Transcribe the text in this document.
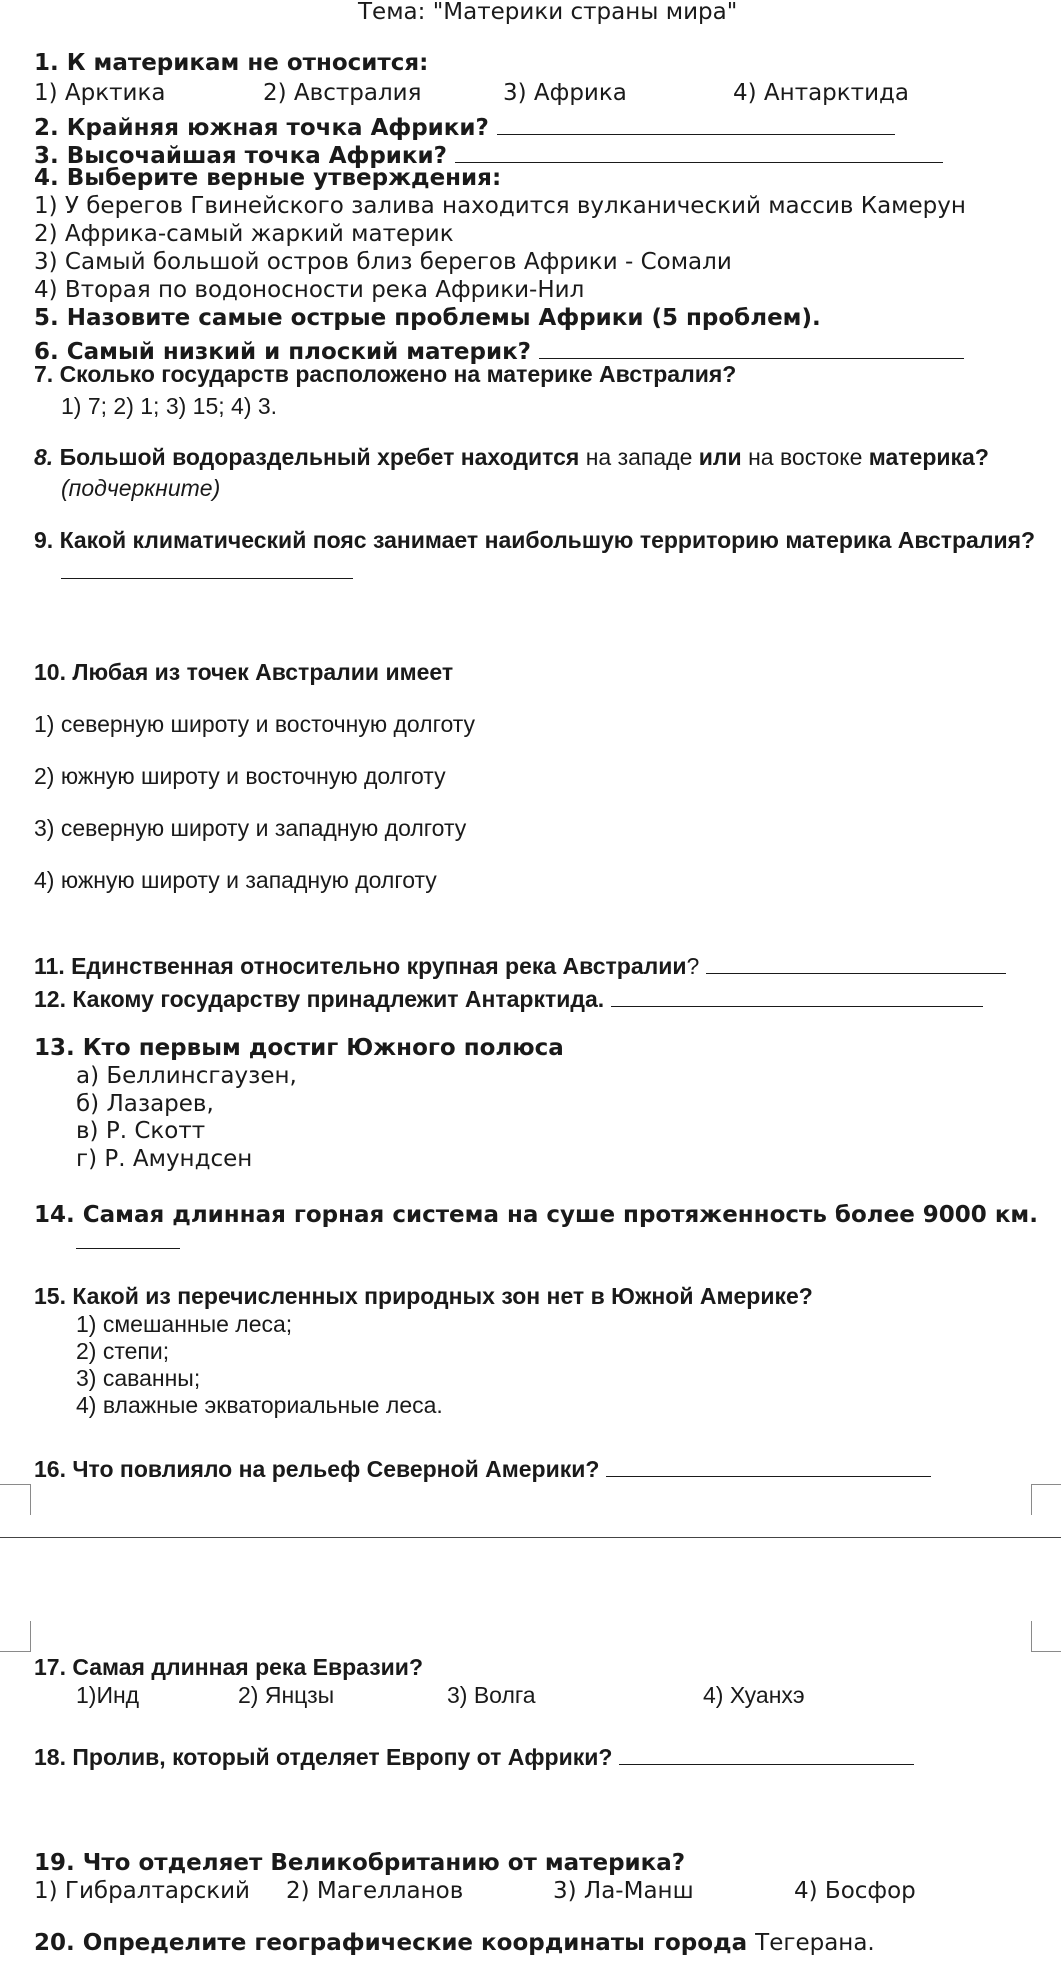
Тема: "Материки страны мира"
1. К материкам не относится:
1) Арктика	2) Австралия	3) Африка	4) Антарктида
2. Крайняя южная точка Африки?
3. Высочайшая точка Африки?
4. Выберите верные утверждения:
1) У берегов Гвинейского залива находится вулканический массив Камерун
2) Африка-самый жаркий материк
3) Самый большой остров близ берегов Африки - Сомали
4) Вторая по водоносности река Африки-Нил
5. Назовите самые острые проблемы Африки (5 проблем).
6. Самый низкий и плоский материк?
7. Сколько государств расположено на материке Австралия?
1) 7; 2) 1; 3) 15; 4) 3.
8. Большой водораздельный хребет находится на западе или на востоке материка?
(подчеркните)
9. Какой климатический пояс занимает наибольшую территорию материка Австралия?
10. Любая из точек Австралии имеет
1) северную широту и восточную долготу
2) южную широту и восточную долготу
3) северную широту и западную долготу
4) южную широту и западную долготу
11. Единственная относительно крупная река Австралии?
12. Какому государству принадлежит Антарктида.
13. Кто первым достиг Южного полюса
а) Беллинсгаузен,
б) Лазарев,
в) Р. Скотт
г) Р. Амундсен
14. Самая длинная горная система на суше протяженность более 9000 км.
15. Какой из перечисленных природных зон нет в Южной Америке?
1) смешанные леса;
2) степи;
3) саванны;
4) влажные экваториальные леса.
16. Что повлияло на рельеф Северной Америки?
17. Самая длинная река Евразии?
1)Инд	2) Янцзы	3) Волга	4) Хуанхэ
18. Пролив, который отделяет Европу от Африки?
19. Что отделяет Великобританию от материка?
1) Гибралтарский 2) Магелланов	3) Ла-Манш	4) Босфор
20. Определите географические координаты города Тегерана.
